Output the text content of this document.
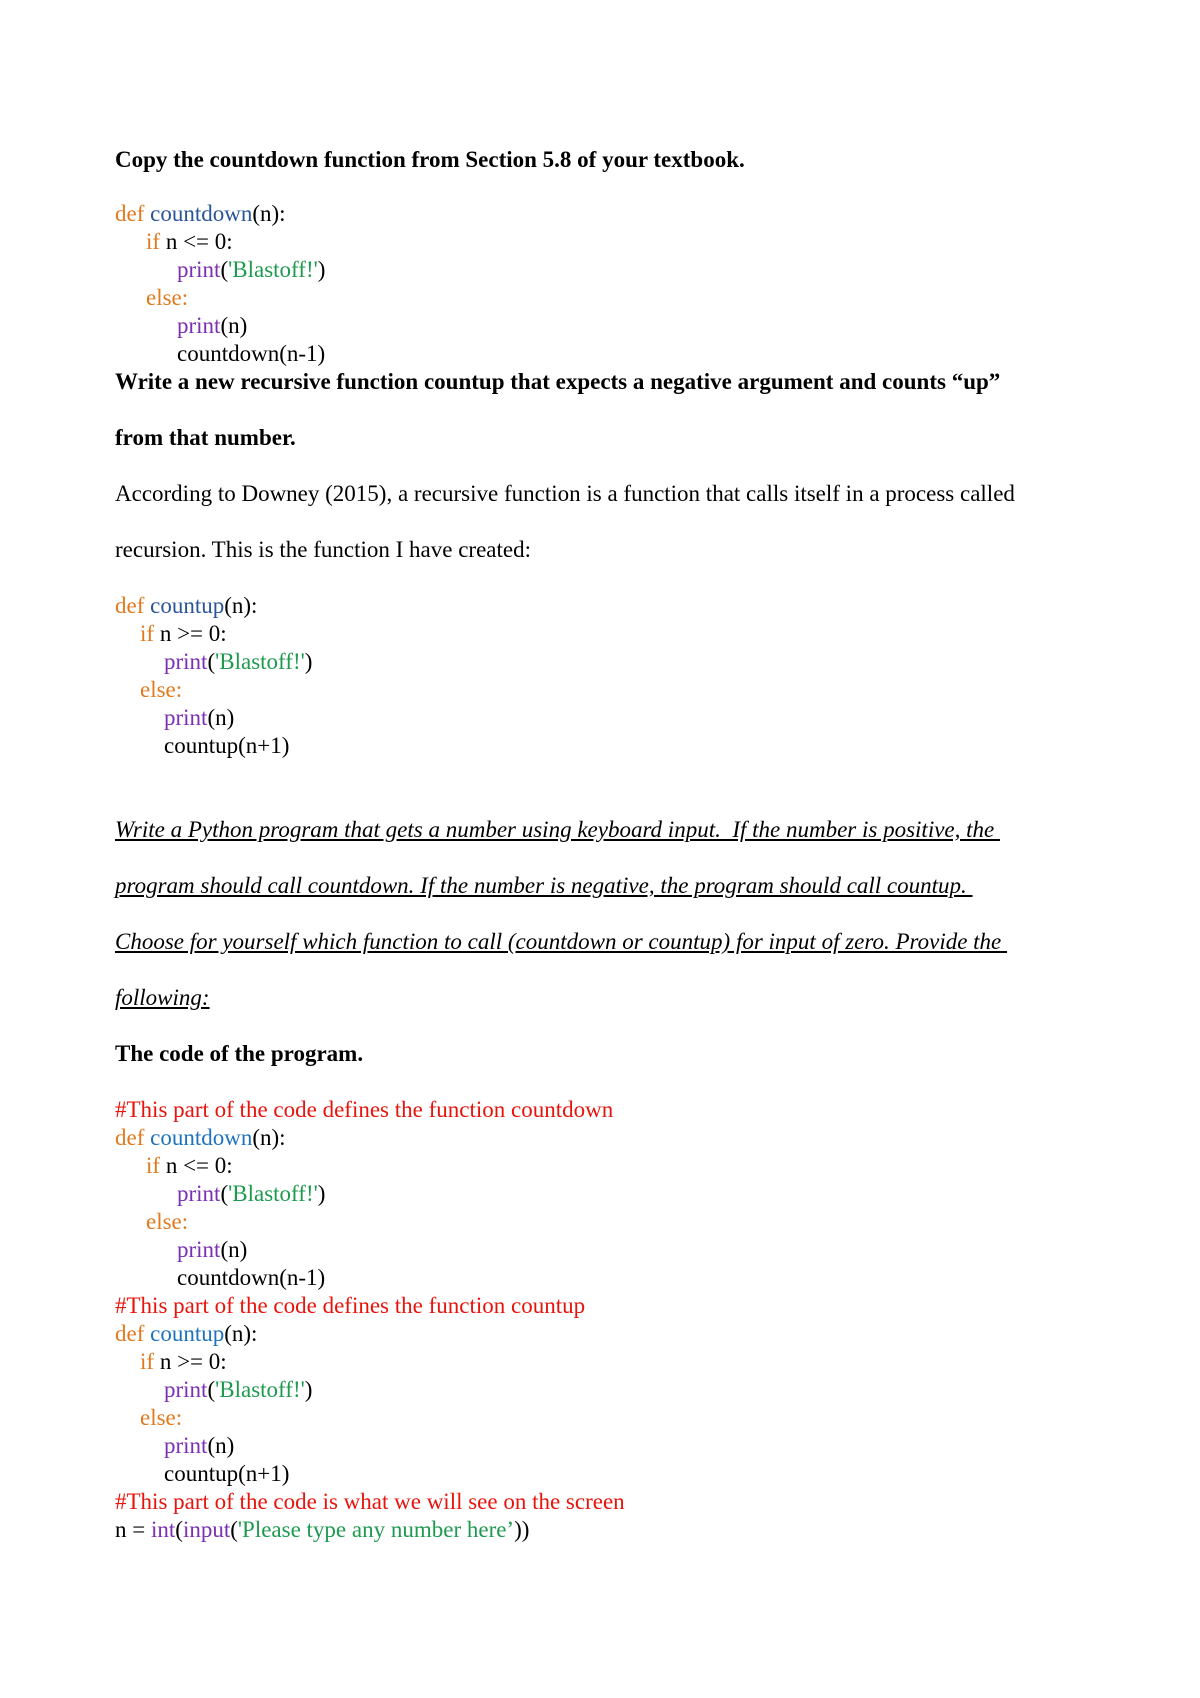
Copy the countdown function from Section 5.8 of your textbook.
def countdown(n):
if n <= 0:
print('Blastoff!')
else:
print(n)
countdown(n-1)
Write a new recursive function countup that expects a negative argument and counts “up”
from that number.
According to Downey (2015), a recursive function is a function that calls itself in a process called
recursion. This is the function I have created:
def countup(n):
if n >= 0:
print('Blastoff!')
else:
print(n)
countup(n+1)
Write a Python program that gets a number using keyboard input.  If the number is positive, the
program should call countdown. If the number is negative, the program should call countup.
Choose for yourself which function to call (countdown or countup) for input of zero. Provide the
following:
The code of the program.
#This part of the code defines the function countdown
def countdown(n):
if n <= 0:
print('Blastoff!')
else:
print(n)
countdown(n-1)
#This part of the code defines the function countup
def countup(n):
if n >= 0:
print('Blastoff!')
else:
print(n)
countup(n+1)
#This part of the code is what we will see on the screen
n = int(input('Please type any number here’))
